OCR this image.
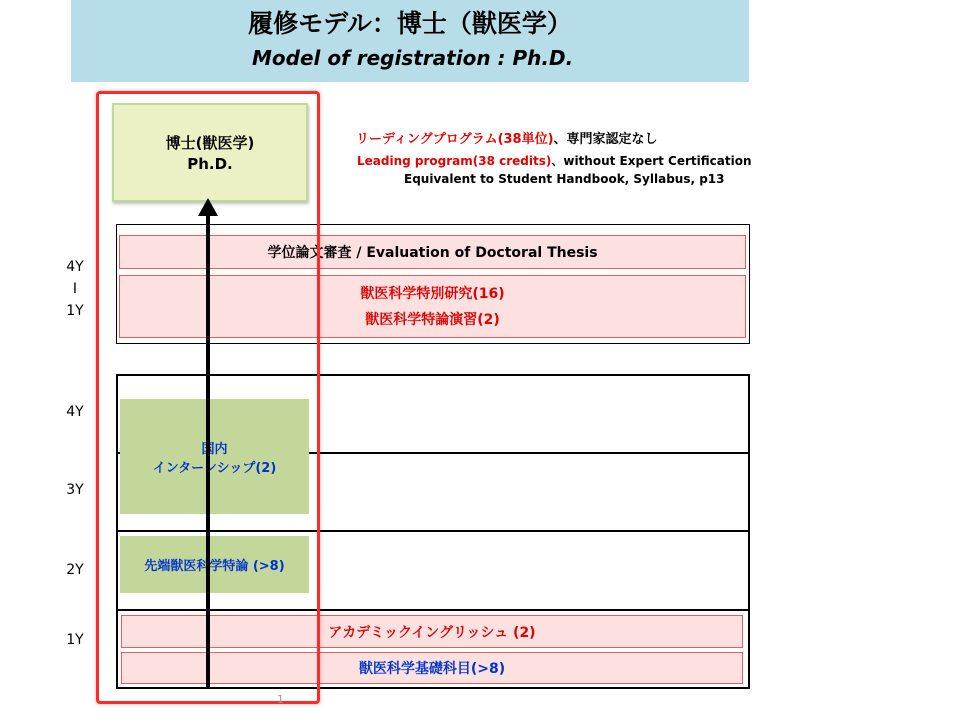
履修モデル：博士（獣医学）
Model of registration : Ph.D.
リーディングプログラム(38単位)、専門家認定なし
Leading program(38 credits)、without Expert Certification
Equivalent to Student Handbook, Syllabus, p13
学位論文審査 / Evaluation of Doctoral Thesis
獣医科学特別研究(16)
獣医科学特論演習(2)
国内
インターンシップ(2)
先端獣医科学特論 (>8)
アカデミックイングリッシュ (2)
獣医科学基礎科目(>8)
博士(獣医学)
Ph.D.
4Y
I
1Y
4Y
3Y
2Y
1Y
1
